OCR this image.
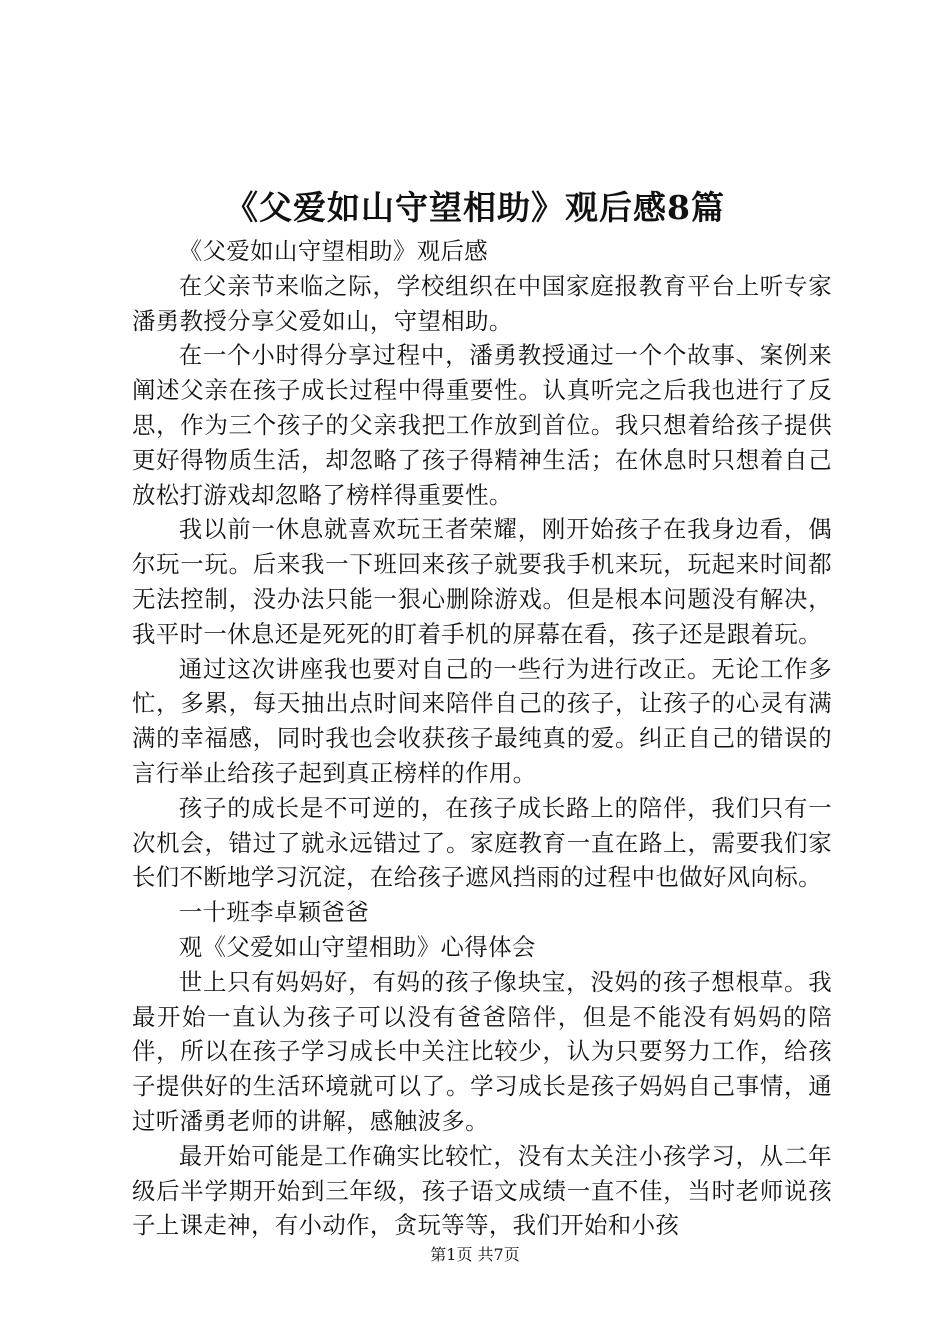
《父爱如山守望相助》观后感8篇

《父爱如山守望相助》观后感

在父亲节来临之际，学校组织在中国家庭报教育平台上听专家潘勇教授分享父爱如山，守望相助。

在一个小时得分享过程中，潘勇教授通过一个个故事、案例来阐述父亲在孩子成长过程中得重要性。认真听完之后我也进行了反思，作为三个孩子的父亲我把工作放到首位。我只想着给孩子提供更好得物质生活，却忽略了孩子得精神生活；在休息时只想着自己放松打游戏却忽略了榜样得重要性。

我以前一休息就喜欢玩王者荣耀，刚开始孩子在我身边看，偶尔玩一玩。后来我一下班回来孩子就要我手机来玩，玩起来时间都无法控制，没办法只能一狠心删除游戏。但是根本问题没有解决，我平时一休息还是死死的盯着手机的屏幕在看，孩子还是跟着玩。

通过这次讲座我也要对自己的一些行为进行改正。无论工作多忙，多累，每天抽出点时间来陪伴自己的孩子，让孩子的心灵有满满的幸福感，同时我也会收获孩子最纯真的爱。纠正自己的错误的言行举止给孩子起到真正榜样的作用。

孩子的成长是不可逆的，在孩子成长路上的陪伴，我们只有一次机会，错过了就永远错过了。家庭教育一直在路上，需要我们家长们不断地学习沉淀，在给孩子遮风挡雨的过程中也做好风向标。

一十班李卓颖爸爸

观《父爱如山守望相助》心得体会

世上只有妈妈好，有妈的孩子像块宝，没妈的孩子想根草。我最开始一直认为孩子可以没有爸爸陪伴，但是不能没有妈妈的陪伴，所以在孩子学习成长中关注比较少，认为只要努力工作，给孩子提供好的生活环境就可以了。学习成长是孩子妈妈自己事情，通过听潘勇老师的讲解，感触波多。

最开始可能是工作确实比较忙，没有太关注小孩学习，从二年级后半学期开始到三年级，孩子语文成绩一直不佳，当时老师说孩子上课走神，有小动作，贪玩等等，我们开始和小孩

第1页 共7页
